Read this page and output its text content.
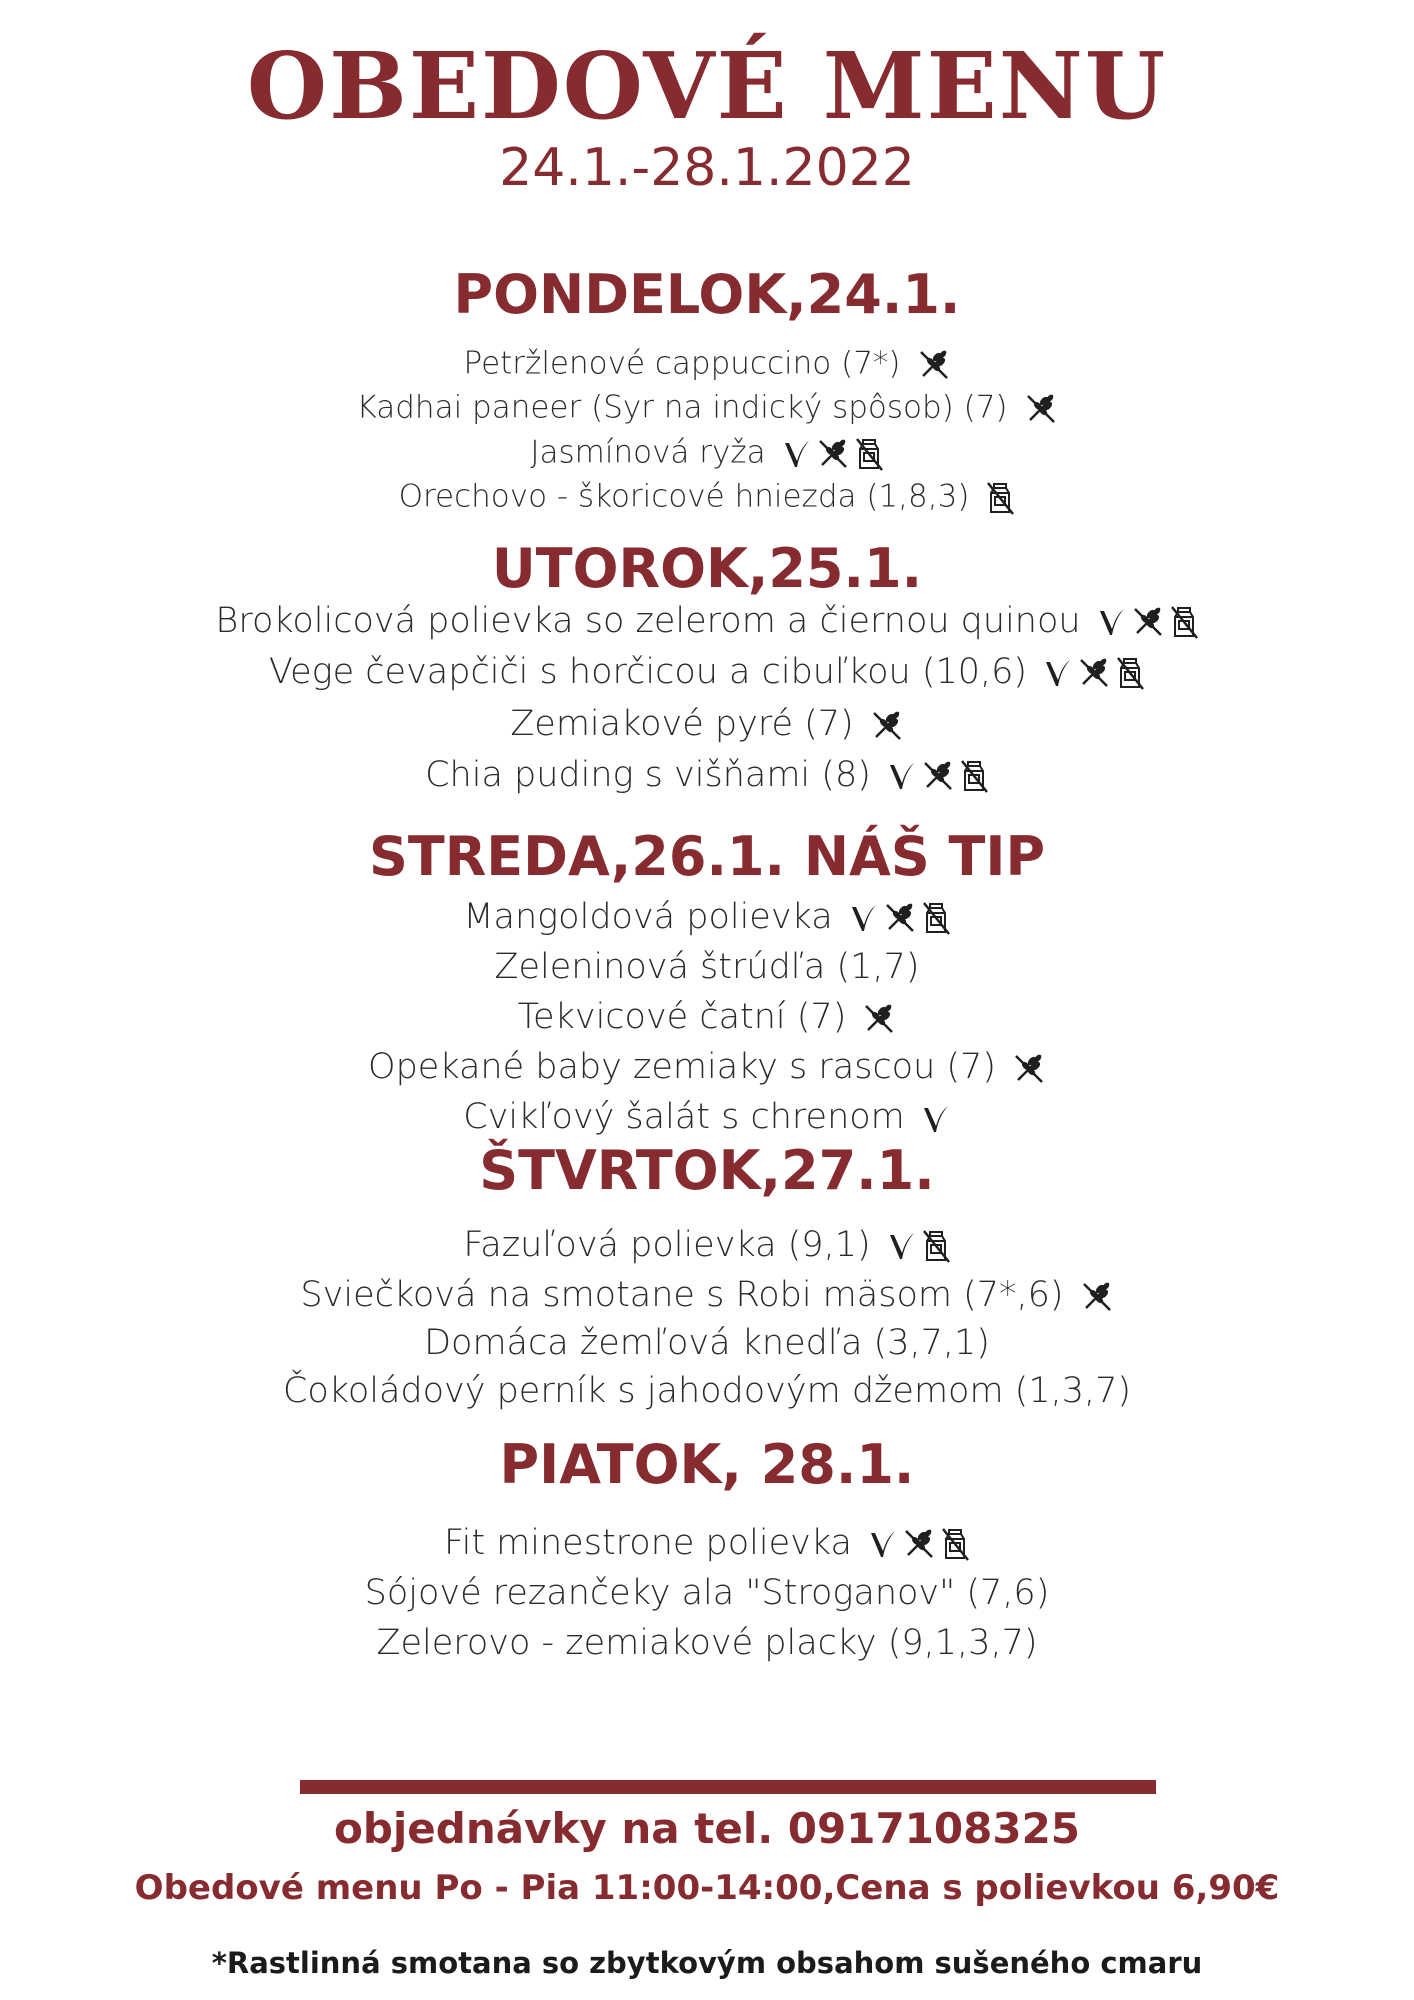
OBEDOVÉ MENU
24.1.-28.1.2022
PONDELOK,24.1.
Petržlenové cappuccino (7*)
Kadhai paneer (Syr na indický spôsob) (7)
Jasmínová ryža
Orechovo - škoricové hniezda (1,8,3)
UTOROK,25.1.
Brokolicová polievka so zelerom a čiernou quinou
Vege čevapčiči s horčicou a cibuľkou (10,6)
Zemiakové pyré (7)
Chia puding s višňami (8)
STREDA,26.1. NÁŠ TIP
Mangoldová polievka
Zeleninová štrúdľa (1,7)
Tekvicové čatní (7)
Opekané baby zemiaky s rascou (7)
Cvikľový šalát s chrenom
ŠTVRTOK,27.1.
Fazuľová polievka (9,1)
Sviečková na smotane s Robi mäsom (7*,6)
Domáca žemľová knedľa (3,7,1)
Čokoládový perník s jahodovým džemom (1,3,7)
PIATOK, 28.1.
Fit minestrone polievka
Sójové rezančeky ala "Stroganov" (7,6)
Zelerovo - zemiakové placky (9,1,3,7)
objednávky na tel. 0917108325
Obedové menu Po - Pia 11:00-14:00,Cena s polievkou 6,90€
*Rastlinná smotana so zbytkovým obsahom sušeného cmaru
